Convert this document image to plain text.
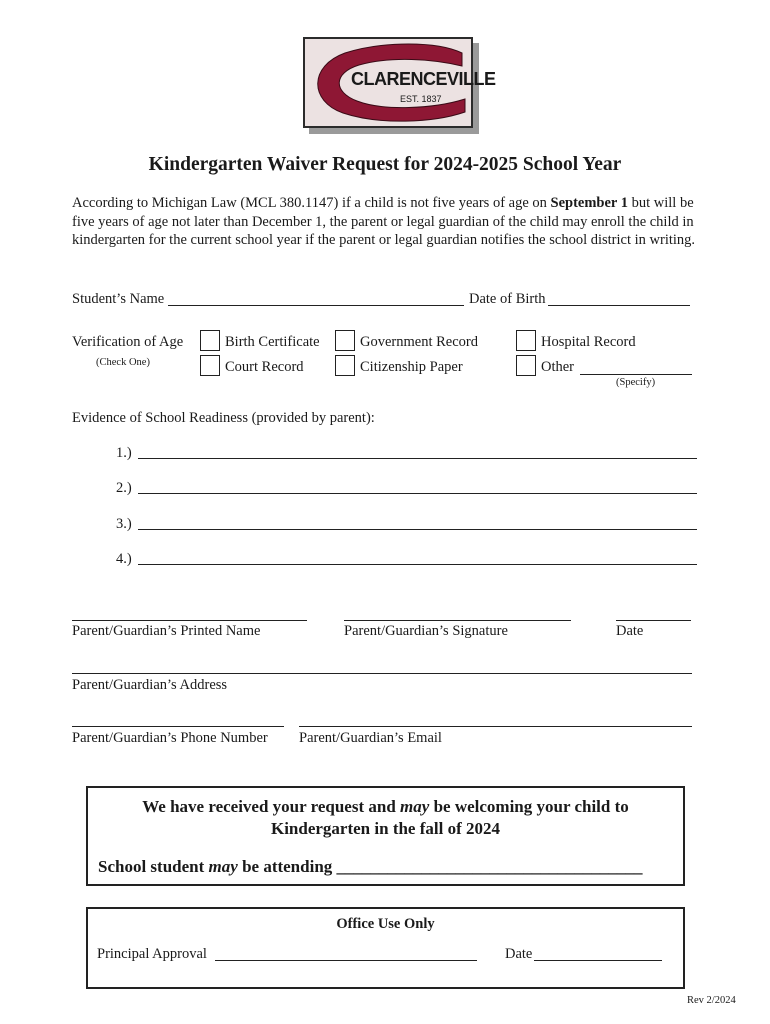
CLARENCEVILLE
EST. 1837
Kindergarten Waiver Request for 2024-2025 School Year
According to Michigan Law (MCL 380.1147) if a child is not five years of age on September 1 but will be five years of age not later than December 1, the parent or legal guardian of the child may enroll the child in kindergarten for the current school year if the parent or legal guardian notifies the school district in writing.
Student’s Name	Date of Birth
Verification of Age
(Check One)
Birth Certificate	Government Record	Hospital Record
Court Record	Citizenship Paper	Other
(Specify)
Evidence of School Readiness (provided by parent):
1.)
2.)
3.)
4.)
Parent/Guardian’s Printed Name	Parent/Guardian’s Signature	Date
Parent/Guardian’s Address
Parent/Guardian’s Phone Number Parent/Guardian’s Email
We have received your request and may be welcoming your child to
Kindergarten in the fall of 2024
School student may be attending ____________________________________
Office Use Only
Principal Approval	Date
Rev 2/2024
